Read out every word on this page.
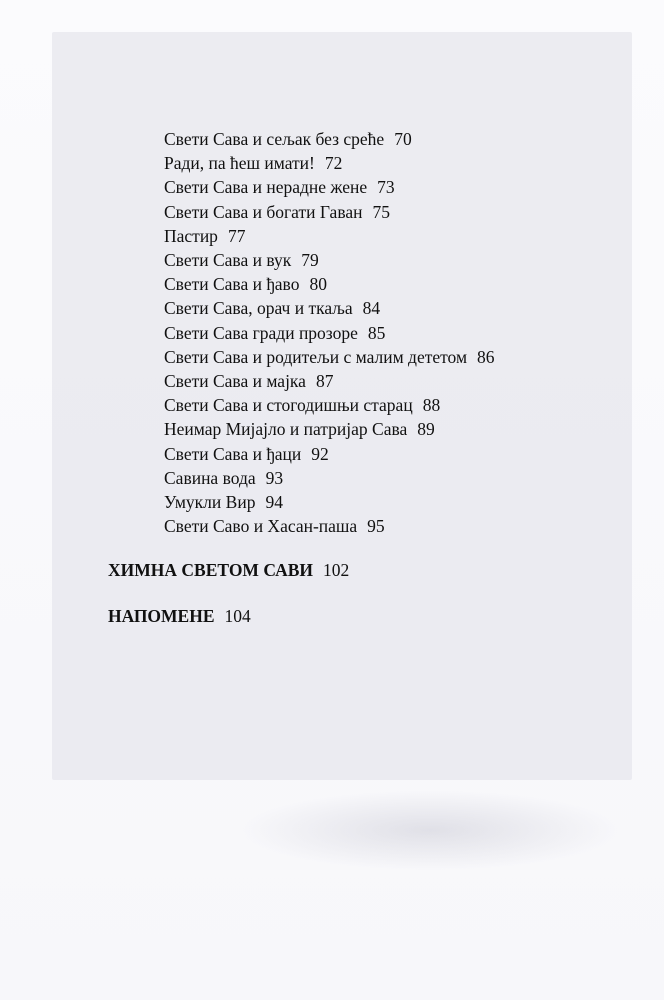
Свети Сава и сељак без среће 70
Ради, па ћеш имати! 72
Свети Сава и нерадне жене 73
Свети Сава и богати Гаван 75
Пастир 77
Свети Сава и вук 79
Свети Сава и ђаво 80
Свети Сава, орач и ткаља 84
Свети Сава гради прозоре 85
Свети Сава и родитељи с малим дететом 86
Свети Сава и мајка 87
Свети Сава и стогодишњи старац 88
Неимар Мијајло и патријар Сава 89
Свети Сава и ђаци 92
Савина вода 93
Умукли Вир 94
Свети Саво и Хасан-паша 95
ХИМНА СВЕТОМ САВИ 102
НАПОМЕНЕ 104
